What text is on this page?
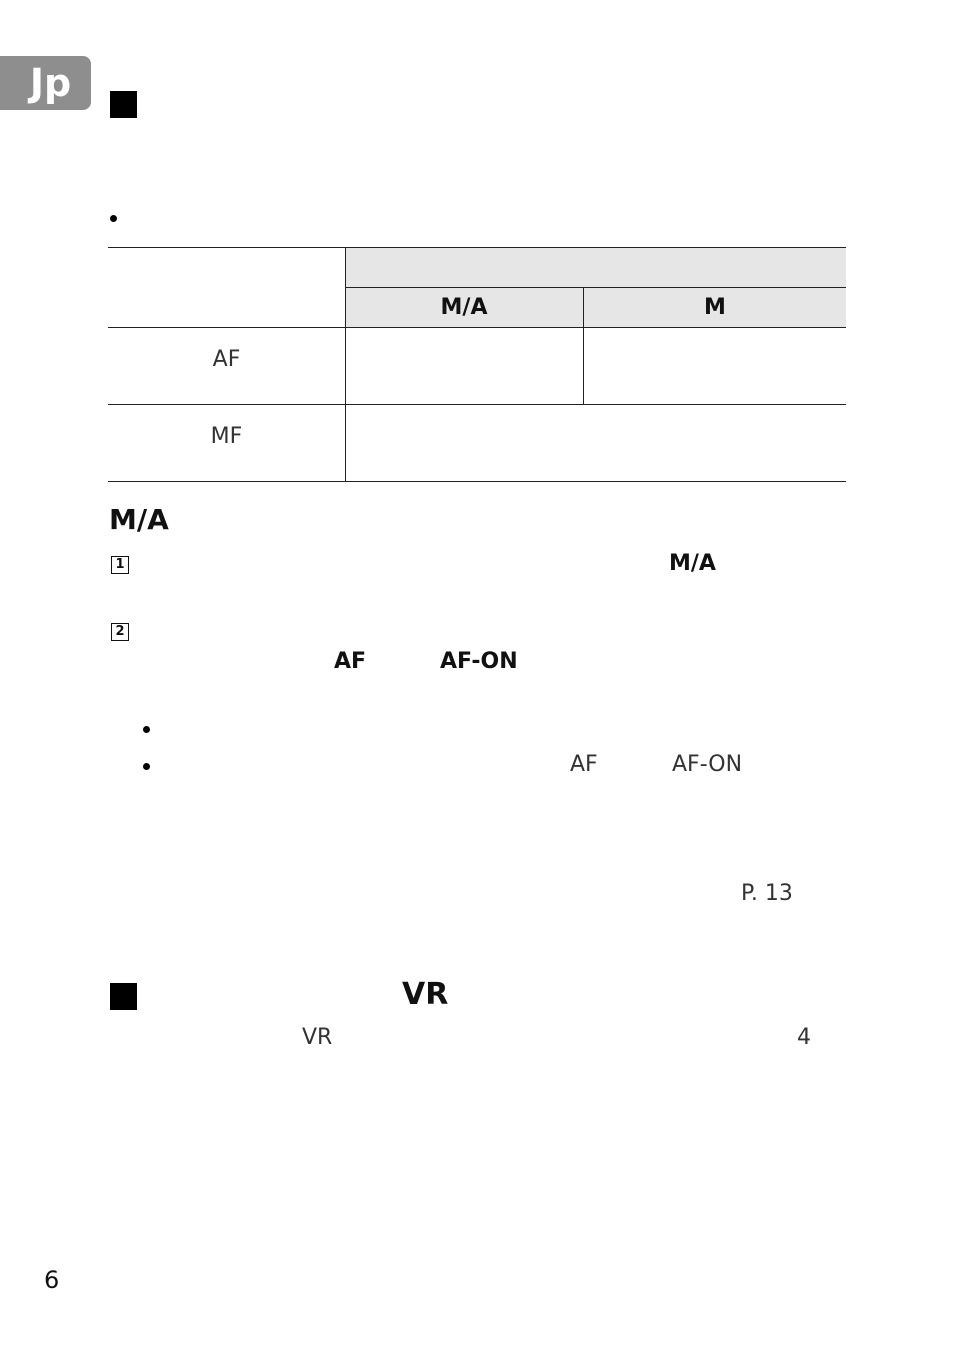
Jp
M/A	M
AF
MF
M/A
1	M/A
2
AF	AF-ON
AF	AF-ON
P. 13
VR
VR	4
6
